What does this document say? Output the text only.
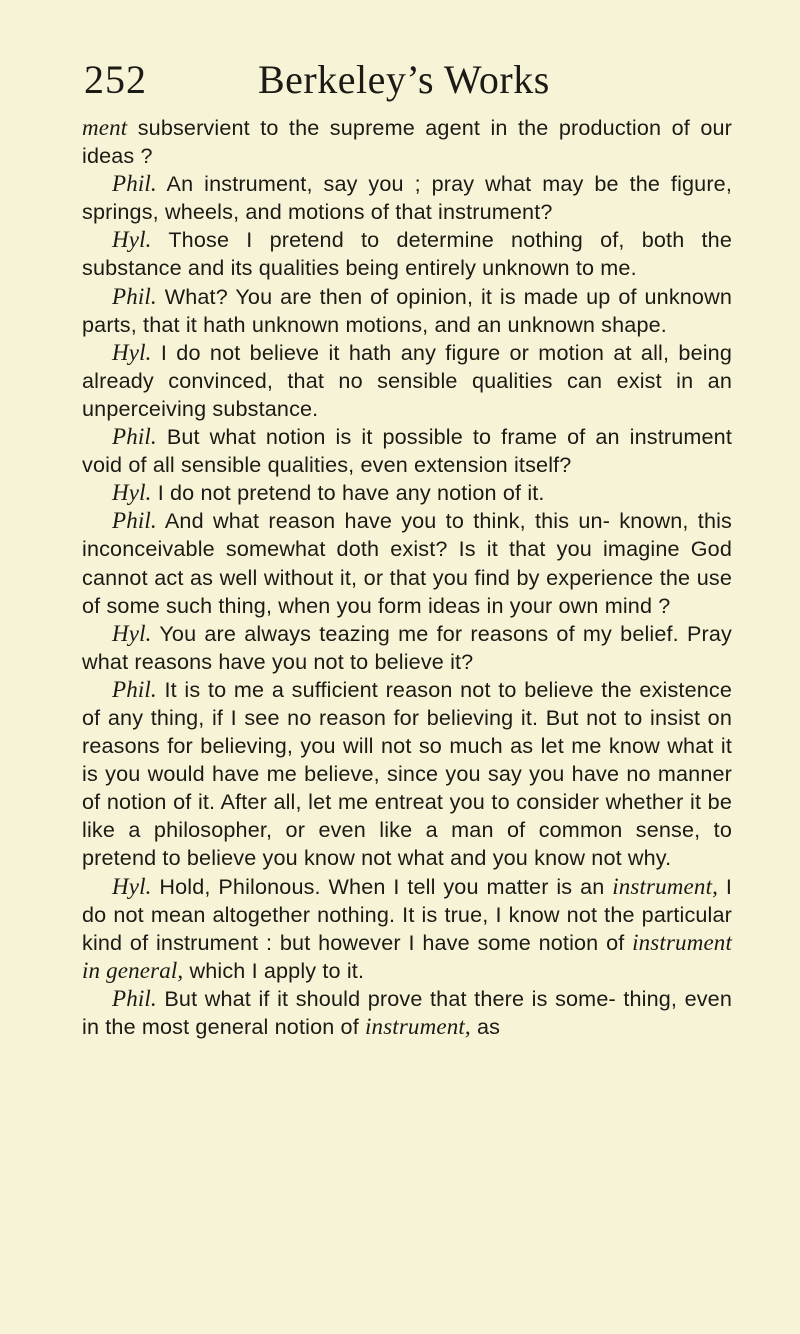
252	Berkeley’s Works

ment subservient to the supreme agent in the production of our ideas ?

Phil. An instrument, say you ; pray what may be the figure, springs, wheels, and motions of that instrument?

Hyl. Those I pretend to determine nothing of, both the substance and its qualities being entirely unknown to me.

Phil. What? You are then of opinion, it is made up of unknown parts, that it hath unknown motions, and an unknown shape.

Hyl. I do not believe it hath any figure or motion at all, being already convinced, that no sensible qualities can exist in an unperceiving substance.

Phil. But what notion is it possible to frame of an instrument void of all sensible qualities, even extension itself?

Hyl. I do not pretend to have any notion of it.

Phil. And what reason have you to think, this un- known, this inconceivable somewhat doth exist? Is it that you imagine God cannot act as well without it, or that you find by experience the use of some such thing, when you form ideas in your own mind ?

Hyl. You are always teazing me for reasons of my belief. Pray what reasons have you not to believe it?

Phil. It is to me a sufficient reason not to believe the existence of any thing, if I see no reason for believing it. But not to insist on reasons for believing, you will not so much as let me know what it is you would have me believe, since you say you have no manner of notion of it. After all, let me entreat you to consider whether it be like a philosopher, or even like a man of common sense, to pretend to believe you know not what and you know not why.

Hyl. Hold, Philonous. When I tell you matter is an instrument, I do not mean altogether nothing. It is true, I know not the particular kind of instrument : but however I have some notion of instrument in general, which I apply to it.

Phil. But what if it should prove that there is some- thing, even in the most general notion of instrument, as
